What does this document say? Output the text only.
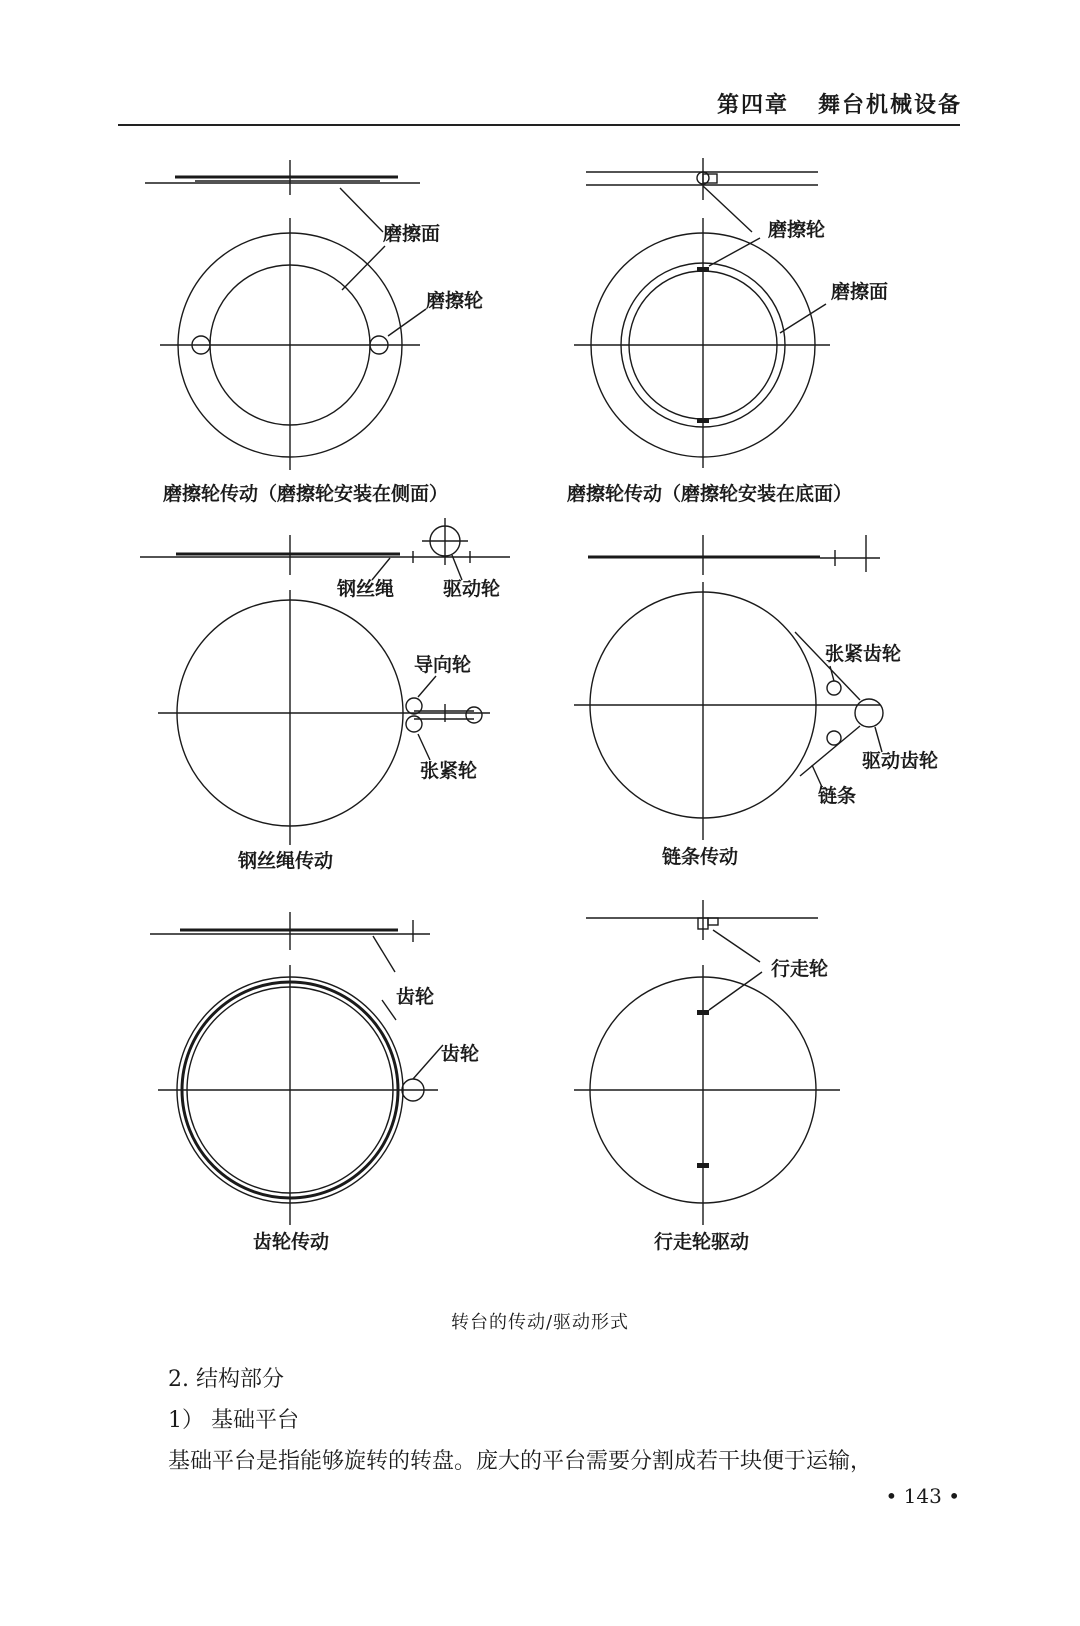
第四章   舞台机械设备
磨擦面
磨擦轮
磨擦轮传动（磨擦轮安装在侧面）
磨擦轮
磨擦面
磨擦轮传动（磨擦轮安装在底面）
钢丝绳	驱动轮
导向轮
张紧轮
钢丝绳传动
张紧齿轮
驱动齿轮
链条
链条传动
齿轮
齿轮
齿轮传动
行走轮
行走轮驱动
转台的传动/驱动形式
2. 结构部分
1） 基础平台
基础平台是指能够旋转的转盘。庞大的平台需要分割成若干块便于运输，
• 143 •
